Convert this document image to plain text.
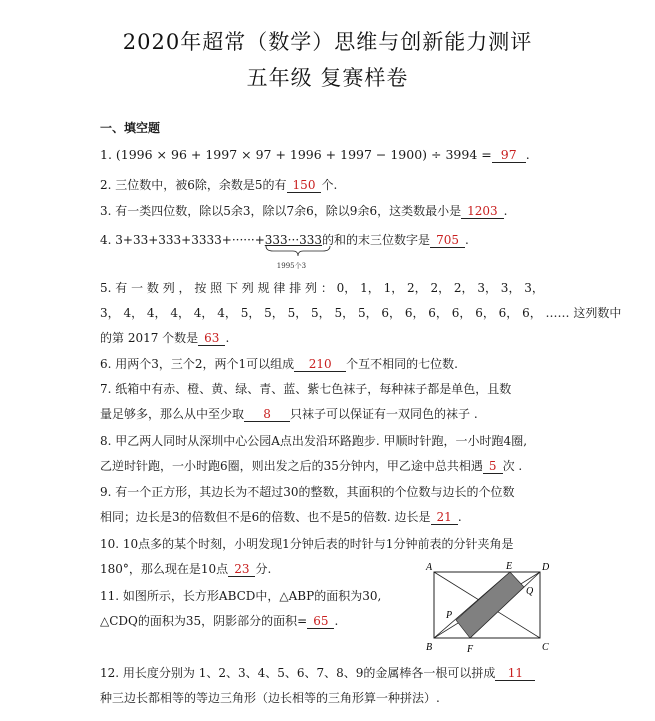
2020年超常（数学）思维与创新能力测评
五年级 复赛样卷
一、填空题
1. (1996 × 96 + 1997 × 97 + 1996 + 1997 − 1900) ÷ 3994 = 97 .
2. 三位数中，被6除，余数是5的有 150 个.
3. 有一类四位数，除以5余3，除以7余6，除以9余6，这类数最小是 1203 .
4. 3+33+333+3333+······+333···333
1995个3
的和的末三位数字是 705 .
5. 有 一 数 列 ， 按 照 下 列 规 律 排 列 ： 0， 1， 1， 2， 2， 2， 3， 3， 3，
3， 4， 4， 4， 4， 4， 5， 5， 5， 5， 5， 5， 6， 6， 6， 6， 6， 6， 6， …… 这列数中
的第 2017 个数是 63 .
6. 用两个3，三个2，两个1可以组成 210 个互不相同的七位数.
7. 纸箱中有赤、橙、黄、绿、青、蓝、紫七色袜子，每种袜子都是单色，且数
量足够多，那么从中至少取 8 只袜子可以保证有一双同色的袜子 .
8. 甲乙两人同时从深圳中心公园A点出发沿环路跑步. 甲顺时针跑，一小时跑4圈,
乙逆时针跑，一小时跑6圈，则出发之后的35分钟内，甲乙途中总共相遇 5 次 .
9. 有一个正方形，其边长为不超过30的整数，其面积的个位数与边长的个位数
相同；边长是3的倍数但不是6的倍数、也不是5的倍数. 边长是 21 .
10. 10点多的某个时刻，小明发现1分钟后表的时针与1分钟前表的分针夹角是
180°，那么现在是10点 23 分.
11. 如图所示，长方形ABCD中，△ABP的面积为30,
△CDQ的面积为35，阴影部分的面积= 65 .
A
B	C
D
E
F
P
Q
12. 用长度分别为 1、2、3、4、5、6、7、8、9的金属棒各一根可以拼成 11
种三边长都相等的等边三角形（边长相等的三角形算一种拼法）.
